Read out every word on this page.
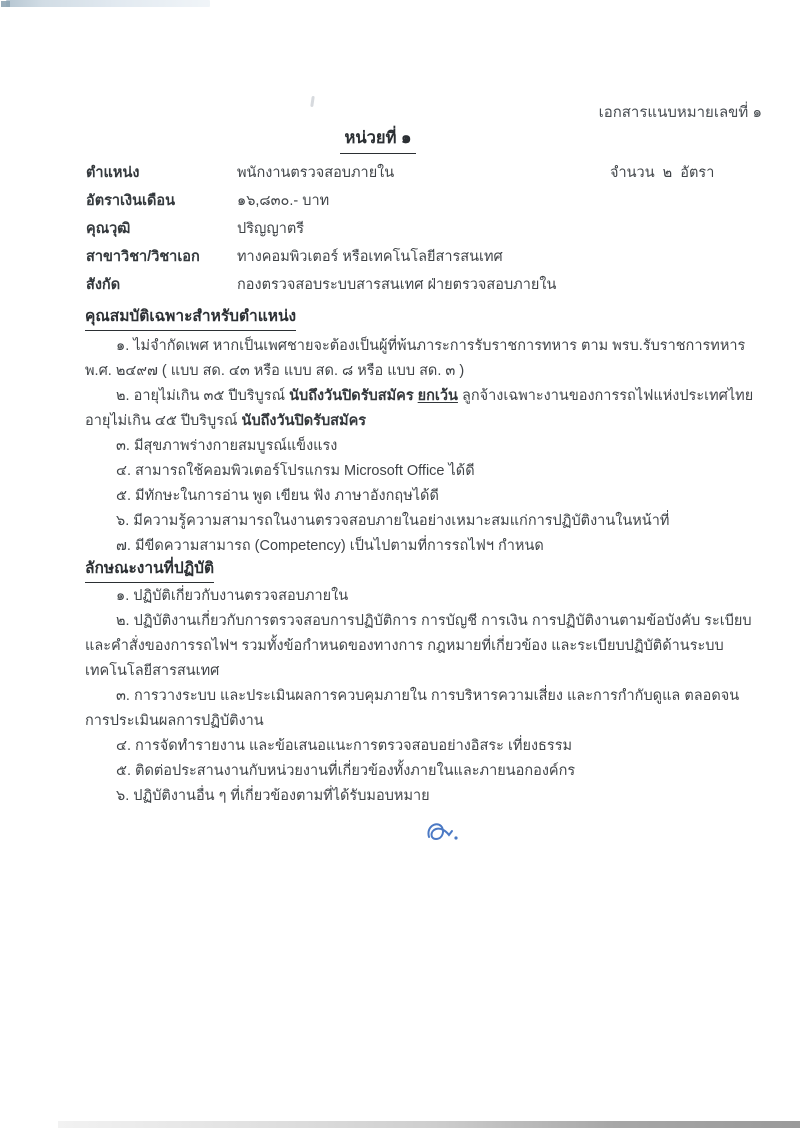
เอกสารแนบหมายเลขที่ ๑
หน่วยที่ ๑
ตำแหน่ง	พนักงานตรวจสอบภายใน	จำนวน  ๒  อัตรา
อัตราเงินเดือน	๑๖,๘๓๐.- บาท
คุณวุฒิ	ปริญญาตรี
สาขาวิชา/วิชาเอก	ทางคอมพิวเตอร์ หรือเทคโนโลยีสารสนเทศ
สังกัด	กองตรวจสอบระบบสารสนเทศ ฝ่ายตรวจสอบภายใน
คุณสมบัติเฉพาะสำหรับตำแหน่ง

๑. ไม่จำกัดเพศ หากเป็นเพศชายจะต้องเป็นผู้ที่พ้นภาระการรับราชการทหาร ตาม พรบ.รับราชการทหาร พ.ศ. ๒๔๙๗ ( แบบ สด. ๔๓ หรือ แบบ สด. ๘ หรือ แบบ สด. ๓ )

๒. อายุไม่เกิน ๓๕ ปีบริบูรณ์ นับถึงวันปิดรับสมัคร ยกเว้น ลูกจ้างเฉพาะงานของการรถไฟแห่งประเทศไทย อายุไม่เกิน ๔๕ ปีบริบูรณ์ นับถึงวันปิดรับสมัคร

๓. มีสุขภาพร่างกายสมบูรณ์แข็งแรง

๔. สามารถใช้คอมพิวเตอร์โปรแกรม Microsoft Office ได้ดี

๕. มีทักษะในการอ่าน พูด เขียน ฟัง ภาษาอังกฤษได้ดี

๖. มีความรู้ความสามารถในงานตรวจสอบภายในอย่างเหมาะสมแก่การปฏิบัติงานในหน้าที่

๗. มีขีดความสามารถ (Competency) เป็นไปตามที่การรถไฟฯ กำหนด

ลักษณะงานที่ปฏิบัติ

๑. ปฏิบัติเกี่ยวกับงานตรวจสอบภายใน

๒. ปฏิบัติงานเกี่ยวกับการตรวจสอบการปฏิบัติการ การบัญชี การเงิน การปฏิบัติงานตามข้อบังคับ ระเบียบ และคำสั่งของการรถไฟฯ รวมทั้งข้อกำหนดของทางการ กฎหมายที่เกี่ยวข้อง และระเบียบปฏิบัติด้านระบบเทคโนโลยีสารสนเทศ

๓. การวางระบบ และประเมินผลการควบคุมภายใน การบริหารความเสี่ยง และการกำกับดูแล ตลอดจนการประเมินผลการปฏิบัติงาน

๔. การจัดทำรายงาน และข้อเสนอแนะการตรวจสอบอย่างอิสระ เที่ยงธรรม

๕. ติดต่อประสานงานกับหน่วยงานที่เกี่ยวข้องทั้งภายในและภายนอกองค์กร

๖. ปฏิบัติงานอื่น ๆ ที่เกี่ยวข้องตามที่ได้รับมอบหมาย
